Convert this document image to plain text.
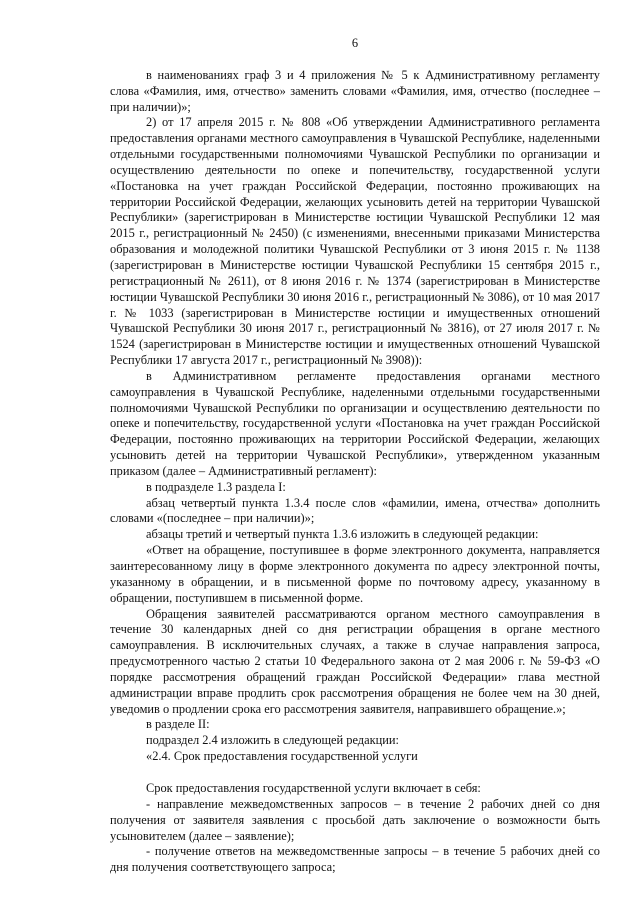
6

в наименованиях граф 3 и 4 приложения № 5 к Административному регламенту слова «Фамилия, имя, отчество» заменить словами «Фамилия, имя, отчество (последнее – при наличии)»;

2) от 17 апреля 2015 г. № 808 «Об утверждении Административного регламента предоставления органами местного самоуправления в Чувашской Республике, наделенными отдельными государственными полномочиями Чувашской Республики по организации и осуществлению деятельности по опеке и попечительству, государственной услуги «Постановка на учет граждан Российской Федерации, постоянно проживающих на территории Российской Федерации, желающих усыновить детей на территории Чувашской Республики» (зарегистрирован в Министерстве юстиции Чувашской Республики 12 мая 2015 г., регистрационный № 2450) (с изменениями, внесенными приказами Министерства образования и молодежной политики Чувашской Республики от 3 июня 2015 г. № 1138 (зарегистрирован в Министерстве юстиции Чувашской Республики 15 сентября 2015 г., регистрационный № 2611), от 8 июня 2016 г. № 1374 (зарегистрирован в Министерстве юстиции Чувашской Республики 30 июня 2016 г., регистрационный № 3086), от 10 мая 2017 г. № 1033 (зарегистрирован в Министерстве юстиции и имущественных отношений Чувашской Республики 30 июня 2017 г., регистрационный № 3816), от 27 июля 2017 г. № 1524 (зарегистрирован в Министерстве юстиции и имущественных отношений Чувашской Республики 17 августа 2017 г., регистрационный № 3908)):

в Административном регламенте предоставления органами местного самоуправления в Чувашской Республике, наделенными отдельными государственными полномочиями Чувашской Республики по организации и осуществлению деятельности по опеке и попечительству, государственной услуги «Постановка на учет граждан Российской Федерации, постоянно проживающих на территории Российской Федерации, желающих усыновить детей на территории Чувашской Республики», утвержденном указанным приказом (далее – Административный регламент):

в подразделе 1.3 раздела I:

абзац четвертый пункта 1.3.4 после слов «фамилии, имена, отчества» дополнить словами «(последнее – при наличии)»;

абзацы третий и четвертый пункта 1.3.6 изложить в следующей редакции:

«Ответ на обращение, поступившее в форме электронного документа, направляется заинтересованному лицу в форме электронного документа по адресу электронной почты, указанному в обращении, и в письменной форме по почтовому адресу, указанному в обращении, поступившем в письменной форме.

Обращения заявителей рассматриваются органом местного самоуправления в течение 30 календарных дней со дня регистрации обращения в органе местного самоуправления. В исключительных случаях, а также в случае направления запроса, предусмотренного частью 2 статьи 10 Федерального закона от 2 мая 2006 г. № 59-ФЗ «О порядке рассмотрения обращений граждан Российской Федерации» глава местной администрации вправе продлить срок рассмотрения обращения не более чем на 30 дней, уведомив о продлении срока его рассмотрения заявителя, направившего обращение.»;

в разделе II:

подраздел 2.4 изложить в следующей редакции:

«2.4. Срок предоставления государственной услуги

Срок предоставления государственной услуги включает в себя:

- направление межведомственных запросов – в течение 2 рабочих дней со дня получения от заявителя заявления с просьбой дать заключение о возможности быть усыновителем (далее – заявление);

- получение ответов на межведомственные запросы – в течение 5 рабочих дней со дня получения соответствующего запроса;
